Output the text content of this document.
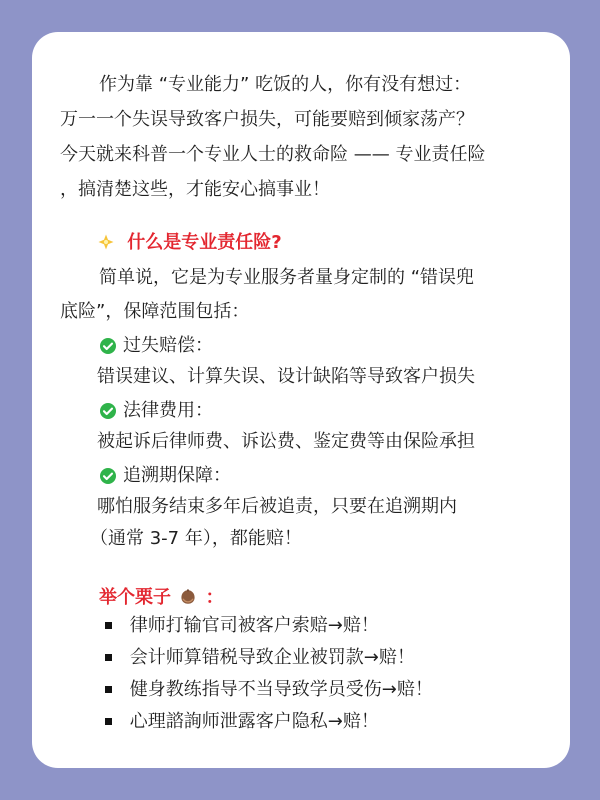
作为靠 “专业能力” 吃饭的人，你有没有想过：
万一一个失误导致客户损失，可能要赔到倾家荡产？
今天就来科普一个专业人士的救命险 —— 专业责任险
，搞清楚这些，才能安心搞事业！
什么是专业责任险?
简单说，它是为专业服务者量身定制的 “错误兜
底险”，保障范围包括：
过失赔偿：
错误建议、计算失误、设计缺陷等导致客户损失
法律费用：
被起诉后律师费、诉讼费、鉴定费等由保险承担
追溯期保障：
哪怕服务结束多年后被追责，只要在追溯期内
（通常 3-7 年），都能赔！
举个栗子 ：
律师打输官司被客户索赔→赔！
会计师算错税导致企业被罚款→赔！
健身教练指导不当导致学员受伤→赔！
心理諮詢师泄露客户隐私→赔！
